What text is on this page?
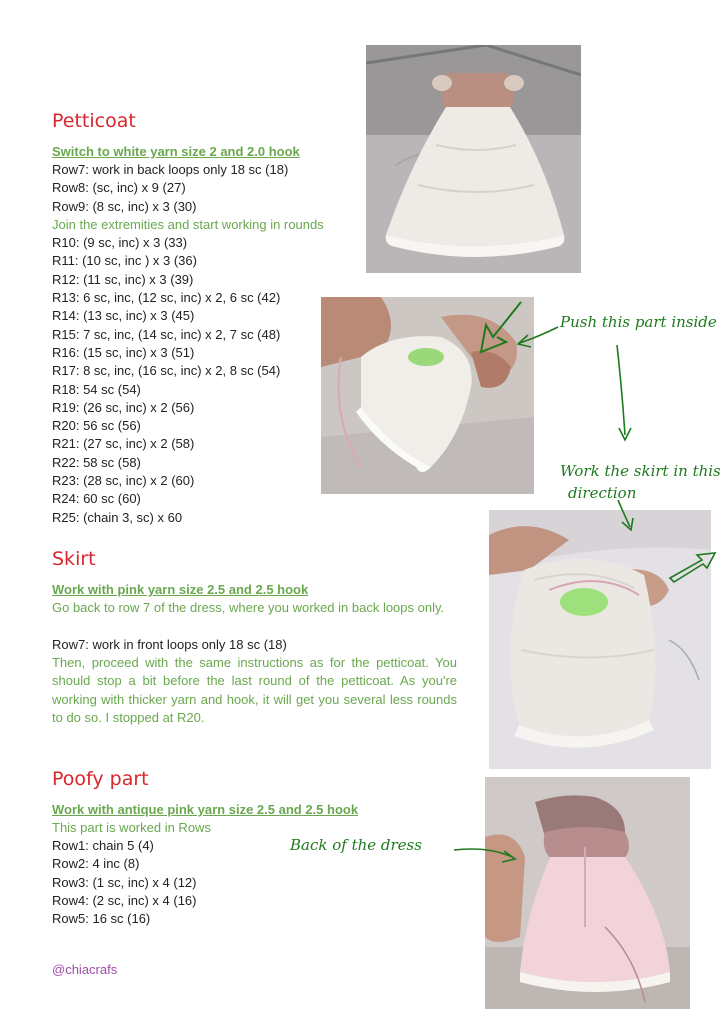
Petticoat
Switch to white yarn size 2 and 2.0 hook
Row7: work in back loops only 18 sc (18)
Row8: (sc, inc) x 9 (27)
Row9: (8 sc, inc) x 3 (30)
Join the extremities and start working in rounds
R10: (9 sc, inc) x 3 (33)
R11: (10 sc, inc ) x 3 (36)
R12: (11 sc, inc) x 3 (39)
R13: 6 sc, inc, (12 sc, inc) x 2, 6 sc (42)
R14: (13 sc, inc) x 3 (45)
R15: 7 sc, inc, (14 sc, inc) x 2, 7 sc (48)
R16: (15 sc, inc) x 3 (51)
R17: 8 sc, inc, (16 sc, inc) x 2, 8 sc (54)
R18: 54 sc (54)
R19: (26 sc, inc) x 2 (56)
R20: 56 sc (56)
R21: (27 sc, inc) x 2 (58)
R22: 58 sc (58)
R23: (28 sc, inc) x 2 (60)
R24: 60 sc (60)
R25: (chain 3, sc) x 60
Skirt
Work with pink yarn size 2.5 and 2.5 hook
Go back to row 7 of the dress, where you worked in back loops only.
Row7: work in front loops only 18 sc (18)
Then, proceed with the same instructions as for the petticoat. You should stop a bit before the last round of the petticoat. As you're working with thicker yarn and hook, it will get you several less rounds to do so. I stopped at R20.
Poofy part
Work with antique pink yarn size 2.5 and 2.5 hook
This part is worked in Rows
Row1: chain 5 (4)
Row2: 4 inc (8)
Row3: (1 sc, inc) x 4 (12)
Row4: (2 sc, inc) x 4 (16)
Row5: 16 sc (16)
@chiacrafs
Push this part inside
Work the skirt in this
direction
Back of the dress
